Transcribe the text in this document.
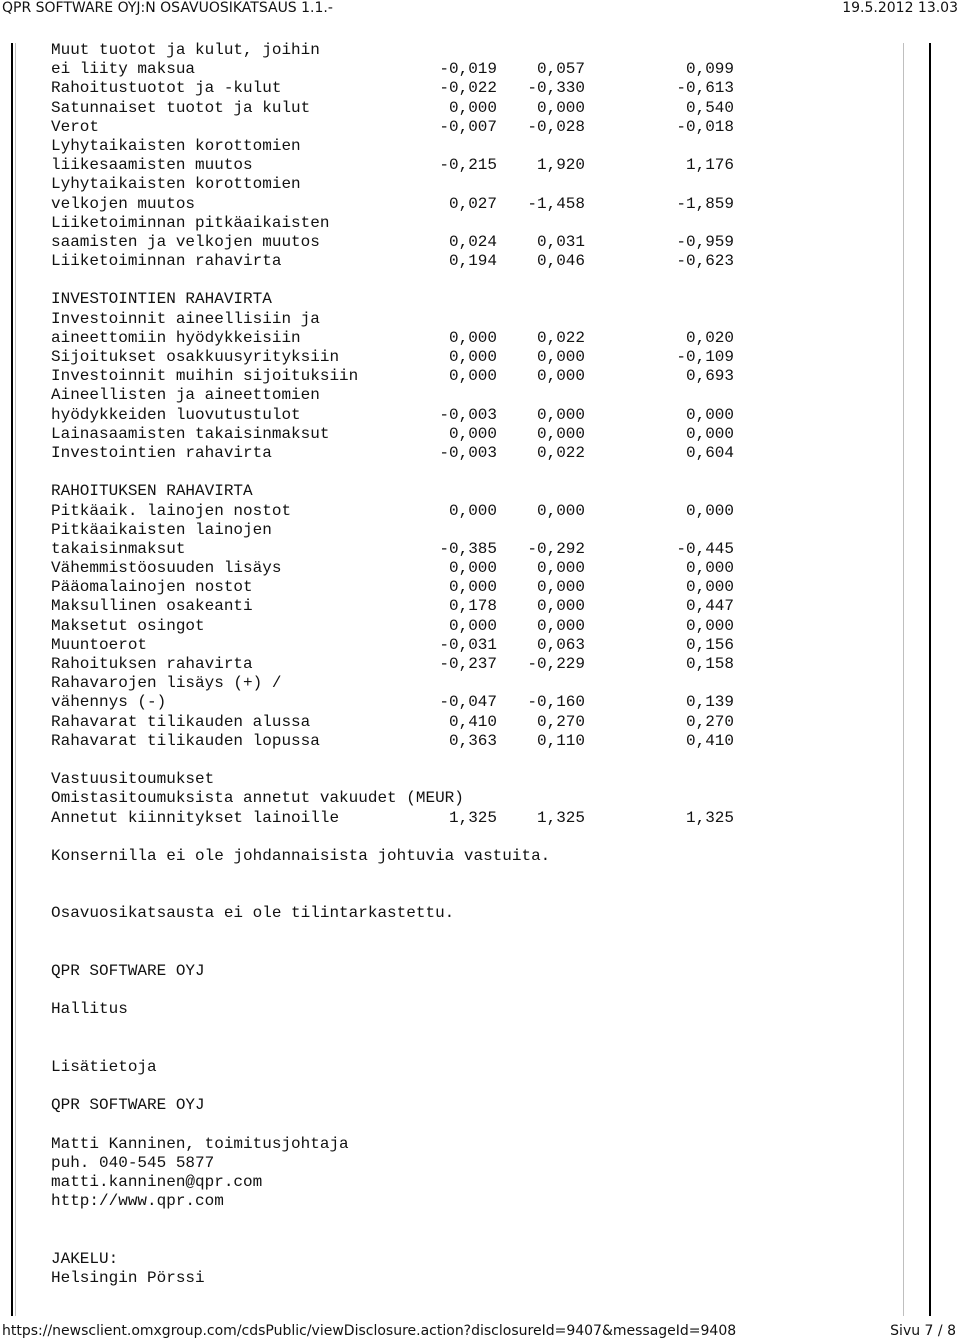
QPR SOFTWARE OYJ:N OSAVUOSIKATSAUS 1.1.-	19.5.2012 13.03
Muut tuotot ja kulut, joihin
ei liity maksua	-0,019	0,057	0,099
Rahoitustuotot ja -kulut	-0,022	-0,330	-0,613
Satunnaiset tuotot ja kulut	0,000	0,000	0,540
Verot	-0,007	-0,028	-0,018
Lyhytaikaisten korottomien
liikesaamisten muutos	-0,215	1,920	1,176
Lyhytaikaisten korottomien
velkojen muutos	0,027	-1,458	-1,859
Liiketoiminnan pitkäaikaisten
saamisten ja velkojen muutos	0,024	0,031	-0,959
Liiketoiminnan rahavirta	0,194	0,046	-0,623
INVESTOINTIEN RAHAVIRTA
Investoinnit aineellisiin ja
aineettomiin hyödykkeisiin	0,000	0,022	0,020
Sijoitukset osakkuusyrityksiin	0,000	0,000	-0,109
Investoinnit muihin sijoituksiin	0,000	0,000	0,693
Aineellisten ja aineettomien
hyödykkeiden luovutustulot	-0,003	0,000	0,000
Lainasaamisten takaisinmaksut	0,000	0,000	0,000
Investointien rahavirta	-0,003	0,022	0,604
RAHOITUKSEN RAHAVIRTA
Pitkäaik. lainojen nostot	0,000	0,000	0,000
Pitkäaikaisten lainojen
takaisinmaksut	-0,385	-0,292	-0,445
Vähemmistöosuuden lisäys	0,000	0,000	0,000
Pääomalainojen nostot	0,000	0,000	0,000
Maksullinen osakeanti	0,178	0,000	0,447
Maksetut osingot	0,000	0,000	0,000
Muuntoerot	-0,031	0,063	0,156
Rahoituksen rahavirta	-0,237	-0,229	0,158
Rahavarojen lisäys (+) /
vähennys (-)	-0,047	-0,160	0,139
Rahavarat tilikauden alussa	0,410	0,270	0,270
Rahavarat tilikauden lopussa	0,363	0,110	0,410
Vastuusitoumukset
Omistasitoumuksista annetut vakuudet (MEUR)
Annetut kiinnitykset lainoille	1,325	1,325	1,325
Konsernilla ei ole johdannaisista johtuvia vastuita.
Osavuosikatsausta ei ole tilintarkastettu.
QPR SOFTWARE OYJ
Hallitus
Lisätietoja
QPR SOFTWARE OYJ
Matti Kanninen, toimitusjohtaja
puh. 040-545 5877
matti.kanninen@qpr.com
http://www.qpr.com
JAKELU:
Helsingin Pörssi
https://newsclient.omxgroup.com/cdsPublic/viewDisclosure.action?disclosureId=9407&messageId=9408	Sivu 7 / 8
